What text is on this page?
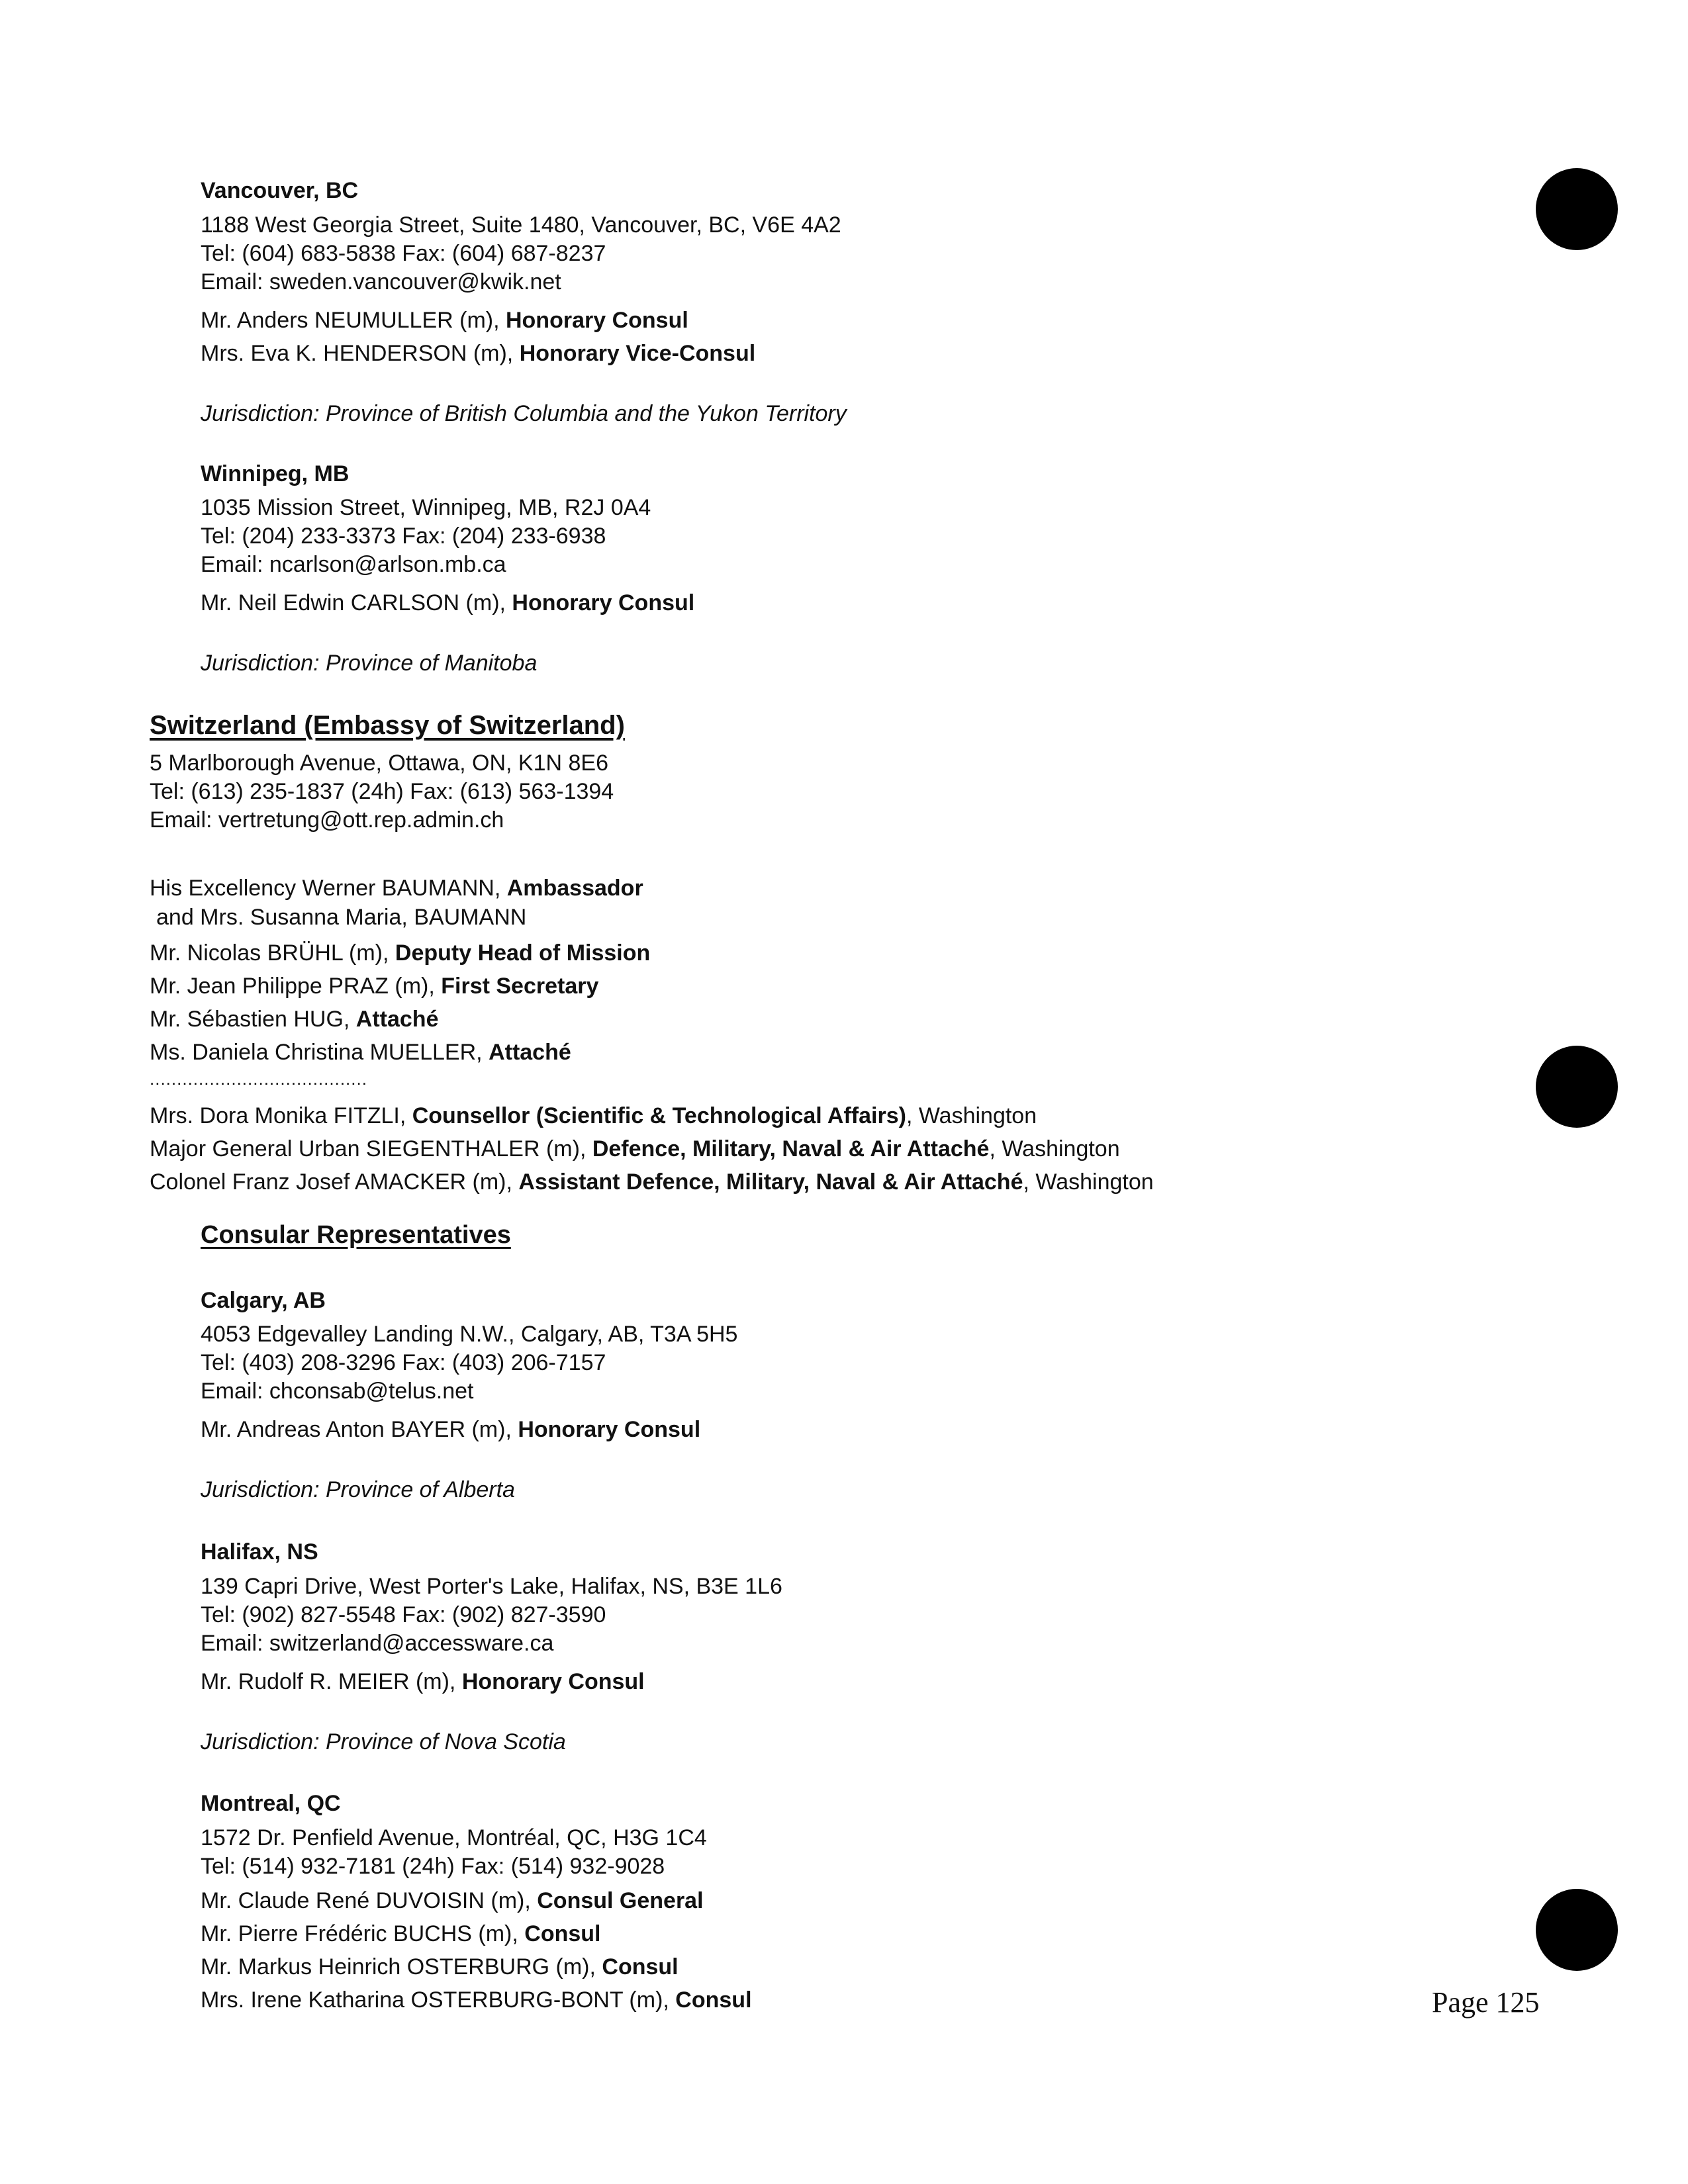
Vancouver, BC
1188 West Georgia Street, Suite 1480, Vancouver, BC, V6E 4A2
Tel: (604) 683-5838 Fax: (604) 687-8237
Email: sweden.vancouver@kwik.net
Mr. Anders NEUMULLER (m), Honorary Consul
Mrs. Eva K. HENDERSON (m), Honorary Vice-Consul
Jurisdiction: Province of British Columbia and the Yukon Territory
Winnipeg, MB
1035 Mission Street, Winnipeg, MB, R2J 0A4
Tel: (204) 233-3373 Fax: (204) 233-6938
Email: ncarlson@arlson.mb.ca
Mr. Neil Edwin CARLSON (m), Honorary Consul
Jurisdiction: Province of Manitoba
Switzerland (Embassy of Switzerland)
5 Marlborough Avenue, Ottawa, ON, K1N 8E6
Tel: (613) 235-1837 (24h) Fax: (613) 563-1394
Email: vertretung@ott.rep.admin.ch
His Excellency Werner BAUMANN, Ambassador
and Mrs. Susanna Maria, BAUMANN
Mr. Nicolas BRÜHL (m), Deputy Head of Mission
Mr. Jean Philippe PRAZ (m), First Secretary
Mr. Sébastien HUG, Attaché
Ms. Daniela Christina MUELLER, Attaché
........................................
Mrs. Dora Monika FITZLI, Counsellor (Scientific & Technological Affairs), Washington
Major General Urban SIEGENTHALER (m), Defence, Military, Naval & Air Attaché, Washington
Colonel Franz Josef AMACKER (m), Assistant Defence, Military, Naval & Air Attaché, Washington
Consular Representatives
Calgary, AB
4053 Edgevalley Landing N.W., Calgary, AB, T3A 5H5
Tel: (403) 208-3296 Fax: (403) 206-7157
Email: chconsab@telus.net
Mr. Andreas Anton BAYER (m), Honorary Consul
Jurisdiction: Province of Alberta
Halifax, NS
139 Capri Drive, West Porter's Lake, Halifax, NS, B3E 1L6
Tel: (902) 827-5548 Fax: (902) 827-3590
Email: switzerland@accessware.ca
Mr. Rudolf R. MEIER (m), Honorary Consul
Jurisdiction: Province of Nova Scotia
Montreal, QC
1572 Dr. Penfield Avenue, Montréal, QC, H3G 1C4
Tel: (514) 932-7181 (24h) Fax: (514) 932-9028
Mr. Claude René DUVOISIN (m), Consul General
Mr. Pierre Frédéric BUCHS (m), Consul
Mr. Markus Heinrich OSTERBURG (m), Consul
Mrs. Irene Katharina OSTERBURG-BONT (m), Consul	Page 125
